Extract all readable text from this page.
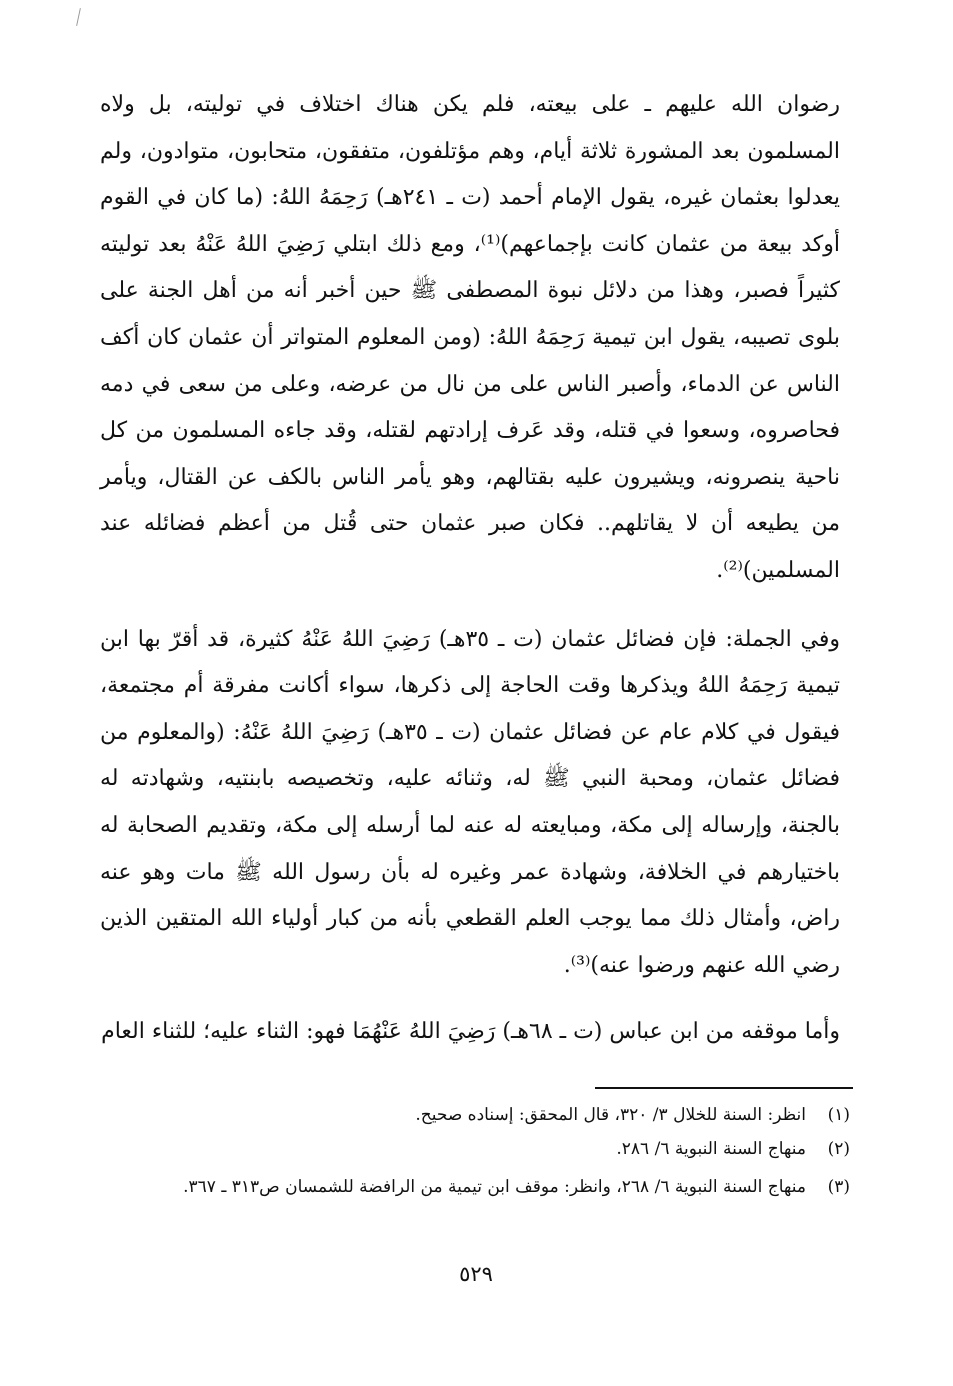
رضوان الله عليهم ـ على بيعته، فلم يكن هناك اختلاف في توليته، بل ولاه المسلمون بعد المشورة ثلاثة أيام، وهم مؤتلفون، متفقون، متحابون، متوادون، ولم يعدلوا بعثمان غيره، يقول الإمام أحمد (ت ـ ٢٤١هـ) رَحِمَهُ اللهُ: (ما كان في القوم أوكد بيعة من عثمان كانت بإجماعهم)⁽¹⁾، ومع ذلك ابتلي رَضِيَ اللهُ عَنْهُ بعد توليته كثيراً فصبر، وهذا من دلائل نبوة المصطفى ﷺ حين أخبر أنه من أهل الجنة على بلوى تصيبه، يقول ابن تيمية رَحِمَهُ اللهُ: (ومن المعلوم المتواتر أن عثمان كان أكف الناس عن الدماء، وأصبر الناس على من نال من عرضه، وعلى من سعى في دمه فحاصروه، وسعوا في قتله، وقد عَرف إرادتهم لقتله، وقد جاءه المسلمون من كل ناحية ينصرونه، ويشيرون عليه بقتالهم، وهو يأمر الناس بالكف عن القتال، ويأمر من يطيعه أن لا يقاتلهم.. فكان صبر عثمان حتى قُتل من أعظم فضائله عند المسلمين)⁽²⁾.

وفي الجملة: فإن فضائل عثمان (ت ـ ٣٥هـ) رَضِيَ اللهُ عَنْهُ كثيرة، قد أقرّ بها ابن تيمية رَحِمَهُ اللهُ ويذكرها وقت الحاجة إلى ذكرها، سواء أكانت مفرقة أم مجتمعة، فيقول في كلام عام عن فضائل عثمان (ت ـ ٣٥هـ) رَضِيَ اللهُ عَنْهُ: (والمعلوم من فضائل عثمان، ومحبة النبي ﷺ له، وثنائه عليه، وتخصيصه بابنتيه، وشهادته له بالجنة، وإرساله إلى مكة، ومبايعته له عنه لما أرسله إلى مكة، وتقديم الصحابة له باختيارهم في الخلافة، وشهادة عمر وغيره له بأن رسول الله ﷺ مات وهو عنه راض، وأمثال ذلك مما يوجب العلم القطعي بأنه من كبار أولياء الله المتقين الذين رضي الله عنهم ورضوا عنه)⁽³⁾.

وأما موقفه من ابن عباس (ت ـ ٦٨هـ) رَضِيَ اللهُ عَنْهُمَا فهو: الثناء عليه؛ للثناء العام

(١)
انظر: السنة للخلال ٣/ ٣٢٠، قال المحقق: إسناده صحيح.
(٢)
منهاج السنة النبوية ٦/ ٢٨٦.
(٣)
منهاج السنة النبوية ٦/ ٢٦٨، وانظر: موقف ابن تيمية من الرافضة للشمسان ص٣١٣ ـ ٣٦٧.
٥٢٩
